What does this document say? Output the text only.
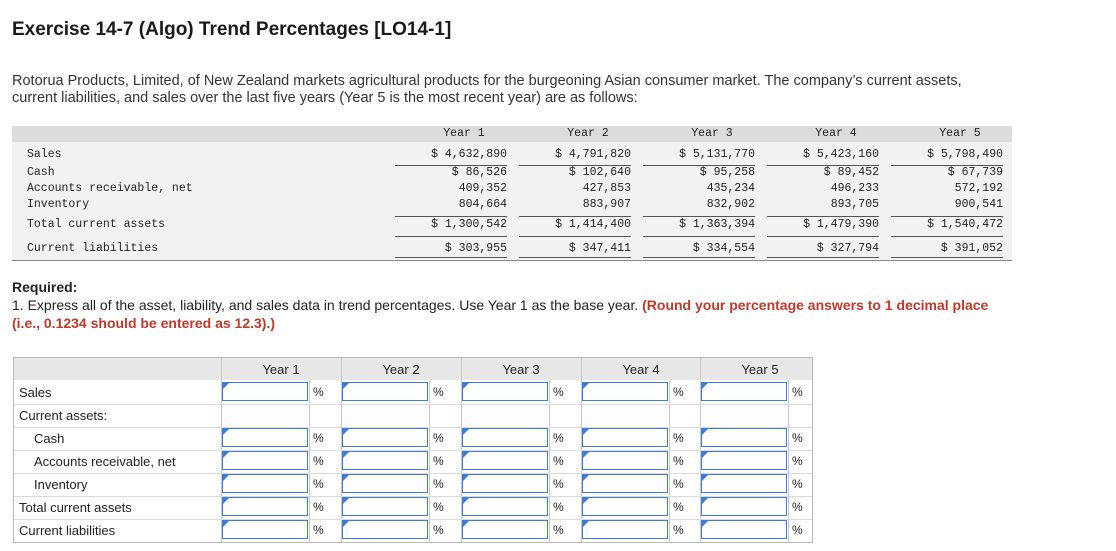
Exercise 14-7 (Algo) Trend Percentages [LO14-1]
Rotorua Products, Limited, of New Zealand markets agricultural products for the burgeoning Asian consumer market. The company’s current assets, current liabilities, and sales over the last five years (Year 5 is the most recent year) are as follows:
Year 1	Year 2	Year 3	Year 4	Year 5
Sales	$ 4,632,890	$ 4,791,820	$ 5,131,770	$ 5,423,160	$ 5,798,490
Cash	$ 86,526	$ 102,640	$ 95,258	$ 89,452	$ 67,739
Accounts receivable, net	409,352	427,853	435,234	496,233	572,192
Inventory	804,664	883,907	832,902	893,705	900,541
Total current assets	$ 1,300,542	$ 1,414,400	$ 1,363,394	$ 1,479,390	$ 1,540,472
Current liabilities	$ 303,955	$ 347,411	$ 334,554	$ 327,794	$ 391,052
Required:
1. Express all of the asset, liability, and sales data in trend percentages. Use Year 1 as the base year. (Round your percentage answers to 1 decimal place (i.e., 0.1234 should be entered as 12.3).)
Year 1	Year 2	Year 3	Year 4	Year 5
Sales	%	%	%	%	%
Current assets:
Cash	%	%	%	%	%
Accounts receivable, net	%	%	%	%	%
Inventory	%	%	%	%	%
Total current assets	%	%	%	%	%
Current liabilities	%	%	%	%	%
